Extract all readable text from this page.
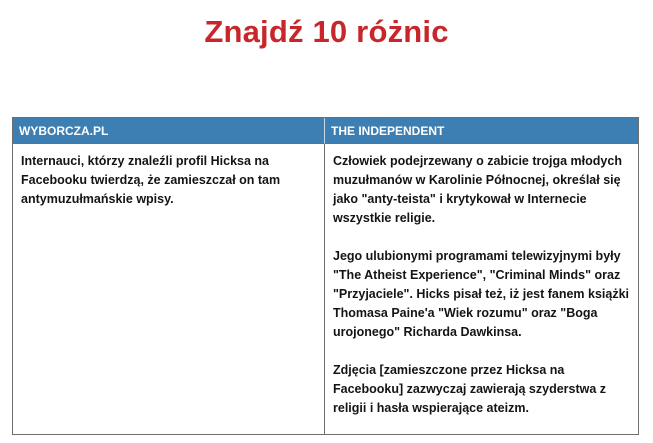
Znajdź 10 różnic
WYBORCZA.PL	THE INDEPENDENT

Internauci, którzy znaleźli profil Hicksa na Facebooku twierdzą, że zamieszczał on tam antymuzułmańskie wpisy.

Człowiek podejrzewany o zabicie trojga młodych muzułmanów w Karolinie Północnej, określał się jako "anty-teista" i krytykował w Internecie wszystkie religie.

Jego ulubionymi programami telewizyjnymi były "The Atheist Experience", "Criminal Minds" oraz "Przyjaciele". Hicks pisał też, iż jest fanem książki Thomasa Paine'a "Wiek rozumu" oraz "Boga urojonego" Richarda Dawkinsa.

Zdjęcia [zamieszczone przez Hicksa na Facebooku] zazwyczaj zawierają szyderstwa z religii i hasła wspierające ateizm.
